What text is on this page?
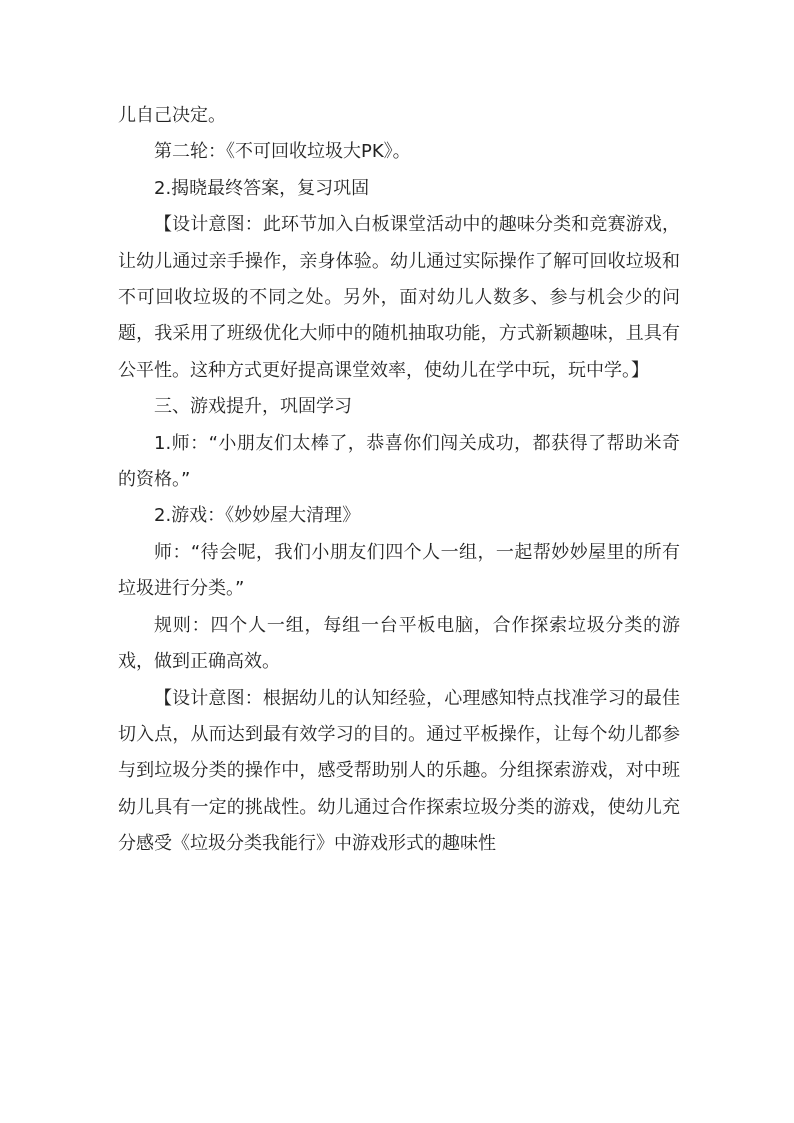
儿自己决定。

第二轮：《不可回收垃圾大PK》。

2.揭晓最终答案，复习巩固

【设计意图：此环节加入白板课堂活动中的趣味分类和竞赛游戏，让幼儿通过亲手操作，亲身体验。幼儿通过实际操作了解可回收垃圾和不可回收垃圾的不同之处。另外，面对幼儿人数多、参与机会少的问题，我采用了班级优化大师中的随机抽取功能，方式新颖趣味，且具有公平性。这种方式更好提高课堂效率，使幼儿在学中玩，玩中学。】

三、游戏提升，巩固学习

1.师：“小朋友们太棒了，恭喜你们闯关成功，都获得了帮助米奇的资格。”

2.游戏：《妙妙屋大清理》

师：“待会呢，我们小朋友们四个人一组，一起帮妙妙屋里的所有垃圾进行分类。”

规则：四个人一组，每组一台平板电脑，合作探索垃圾分类的游戏，做到正确高效。

【设计意图：根据幼儿的认知经验，心理感知特点找准学习的最佳切入点，从而达到最有效学习的目的。通过平板操作，让每个幼儿都参与到垃圾分类的操作中，感受帮助别人的乐趣。分组探索游戏，对中班幼儿具有一定的挑战性。幼儿通过合作探索垃圾分类的游戏，使幼儿充分感受《垃圾分类我能行》中游戏形式的趣味性
